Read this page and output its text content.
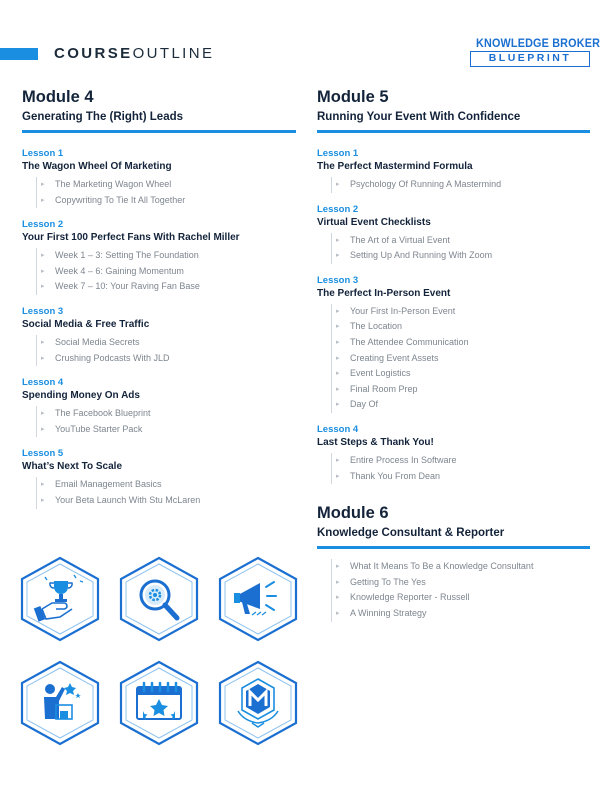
COURSEOUTLINE
KNOWLEDGE BROKER
BLUEPRINT
Module 4
Generating The (Right) Leads
Lesson 1
The Wagon Wheel Of Marketing
▸ The Marketing Wagon Wheel
▸ Copywriting To Tie It All Together
Lesson 2
Your First 100 Perfect Fans With Rachel Miller
▸ Week 1 – 3: Setting The Foundation
▸ Week 4 – 6: Gaining Momentum
▸ Week 7 – 10: Your Raving Fan Base
Lesson 3
Social Media & Free Traffic
▸ Social Media Secrets
▸ Crushing Podcasts With JLD
Lesson 4
Spending Money On Ads
▸ The Facebook Blueprint
▸ YouTube Starter Pack
Lesson 5
What’s Next To Scale
▸ Email Management Basics
▸ Your Beta Launch With Stu McLaren
Module 5
Running Your Event With Confidence
Lesson 1
The Perfect Mastermind Formula
▸ Psychology Of Running A Mastermind
Lesson 2
Virtual Event Checklists
▸ The Art of a Virtual Event
▸ Setting Up And Running With Zoom
Lesson 3
The Perfect In-Person Event
▸ Your First In-Person Event
▸ The Location
▸ The Attendee Communication
▸ Creating Event Assets
▸ Event Logistics
▸ Final Room Prep
▸ Day Of
Lesson 4
Last Steps & Thank You!
▸ Entire Process In Software
▸ Thank You From Dean
Module 6
Knowledge Consultant & Reporter
▸ What It Means To Be a Knowledge Consultant
▸ Getting To The Yes
▸ Knowledge Reporter - Russell
▸ A Winning Strategy
